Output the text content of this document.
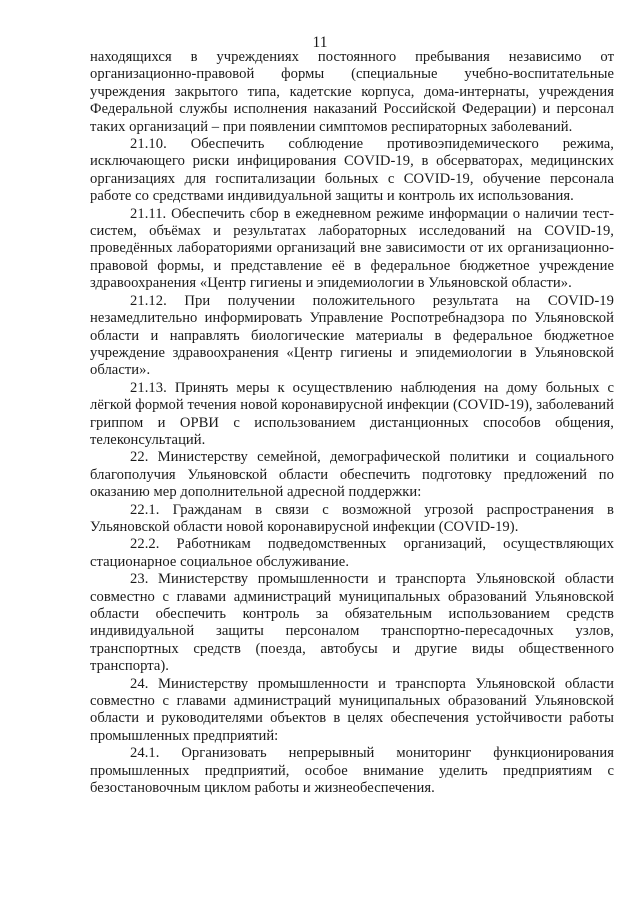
11

находящихся в учреждениях постоянного пребывания независимо от организационно-правовой формы (специальные учебно-воспитательные учреждения закрытого типа, кадетские корпуса, дома-интернаты, учреждения Федеральной службы исполнения наказаний Российской Федерации) и персонал таких организаций – при появлении симптомов респираторных заболеваний.

21.10. Обеспечить соблюдение противоэпидемического режима, исключающего риски инфицирования COVID-19, в обсерваторах, медицинских организациях для госпитализации больных с COVID-19, обучение персонала работе со средствами индивидуальной защиты и контроль их использования.

21.11. Обеспечить сбор в ежедневном режиме информации о наличии тест-систем, объёмах и результатах лабораторных исследований на COVID-19, проведённых лабораториями организаций вне зависимости от их организационно-правовой формы, и представление её в федеральное бюджетное учреждение здравоохранения «Центр гигиены и эпидемиологии в Ульяновской области».

21.12. При получении положительного результата на COVID-19 незамедлительно информировать Управление Роспотребнадзора по Ульяновской области и направлять биологические материалы в федеральное бюджетное учреждение здравоохранения «Центр гигиены и эпидемиологии в Ульяновской области».

21.13. Принять меры к осуществлению наблюдения на дому больных с лёгкой формой течения новой коронавирусной инфекции (COVID-19), заболеваний гриппом и ОРВИ с использованием дистанционных способов общения, телеконсультаций.

22. Министерству семейной, демографической политики и социального благополучия Ульяновской области обеспечить подготовку предложений по оказанию мер дополнительной адресной поддержки:

22.1. Гражданам в связи с возможной угрозой распространения в Ульяновской области новой коронавирусной инфекции (COVID-19).

22.2. Работникам подведомственных организаций, осуществляющих стационарное социальное обслуживание.

23. Министерству промышленности и транспорта Ульяновской области совместно с главами администраций муниципальных образований Ульяновской области обеспечить контроль за обязательным использованием средств индивидуальной защиты персоналом транспортно-пересадочных узлов, транспортных средств (поезда, автобусы и другие виды общественного транспорта).

24. Министерству промышленности и транспорта Ульяновской области совместно с главами администраций муниципальных образований Ульяновской области и руководителями объектов в целях обеспечения устойчивости работы промышленных предприятий:

24.1. Организовать непрерывный мониторинг функционирования промышленных предприятий, особое внимание уделить предприятиям с безостановочным циклом работы и жизнеобеспечения.
